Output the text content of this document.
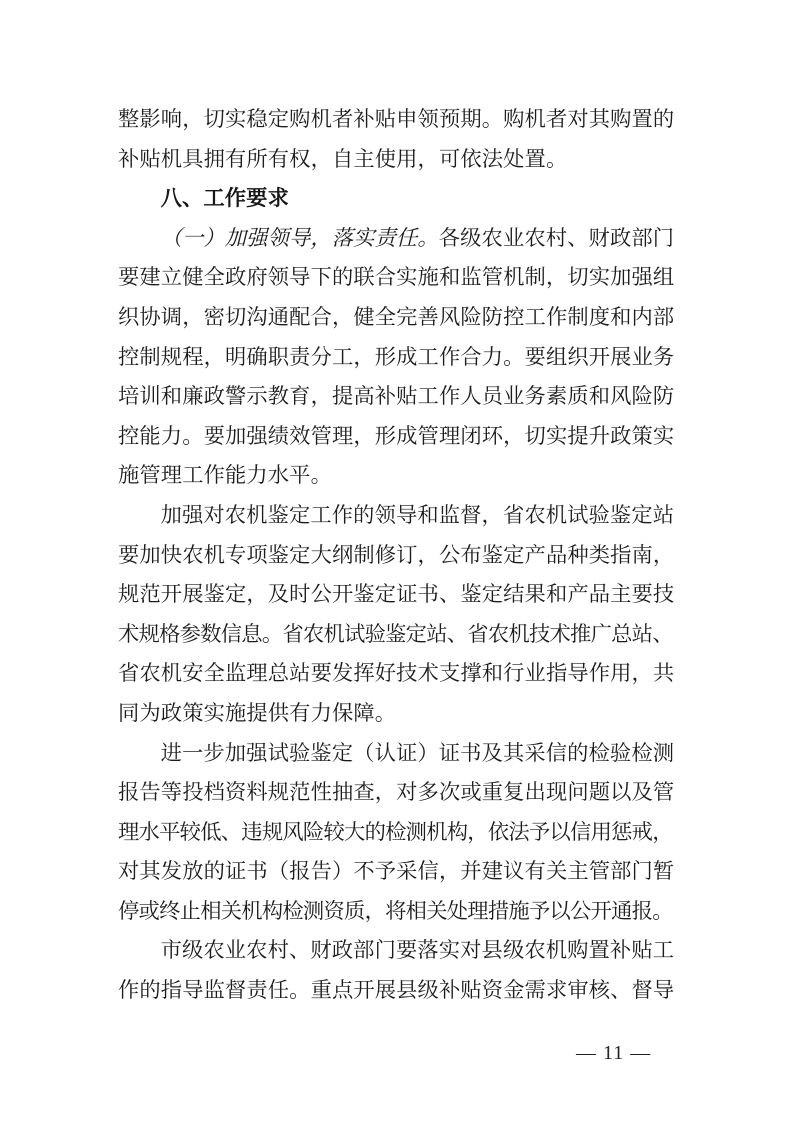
整影响，切实稳定购机者补贴申领预期。购机者对其购置的
补贴机具拥有所有权，自主使用，可依法处置。
八、工作要求
（一）加强领导，落实责任。各级农业农村、财政部门
要建立健全政府领导下的联合实施和监管机制，切实加强组
织协调，密切沟通配合，健全完善风险防控工作制度和内部
控制规程，明确职责分工，形成工作合力。要组织开展业务
培训和廉政警示教育，提高补贴工作人员业务素质和风险防
控能力。要加强绩效管理，形成管理闭环，切实提升政策实
施管理工作能力水平。
加强对农机鉴定工作的领导和监督，省农机试验鉴定站
要加快农机专项鉴定大纲制修订，公布鉴定产品种类指南，
规范开展鉴定，及时公开鉴定证书、鉴定结果和产品主要技
术规格参数信息。省农机试验鉴定站、省农机技术推广总站、
省农机安全监理总站要发挥好技术支撑和行业指导作用，共
同为政策实施提供有力保障。
进一步加强试验鉴定（认证）证书及其采信的检验检测
报告等投档资料规范性抽查，对多次或重复出现问题以及管
理水平较低、违规风险较大的检测机构，依法予以信用惩戒，
对其发放的证书（报告）不予采信，并建议有关主管部门暂
停或终止相关机构检测资质，将相关处理措施予以公开通报。
市级农业农村、财政部门要落实对县级农机购置补贴工
作的指导监督责任。重点开展县级补贴资金需求审核、督导
— 11 —
